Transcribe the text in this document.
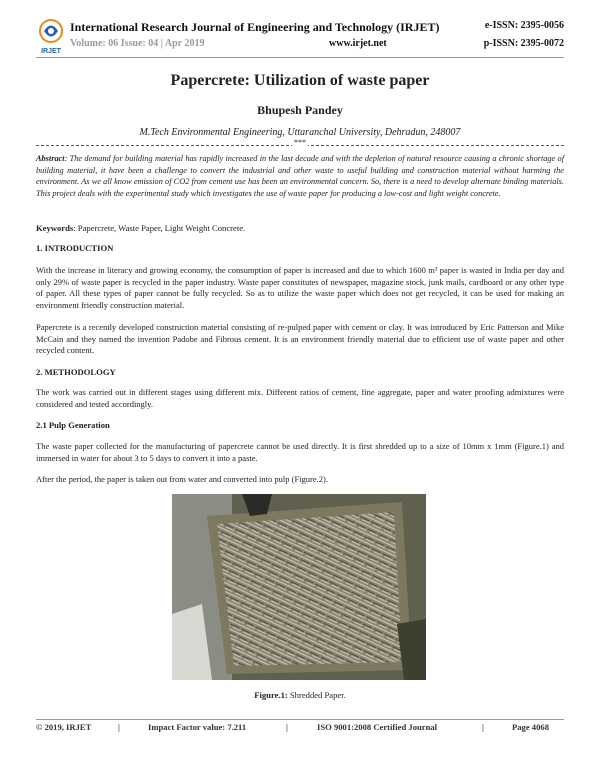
IRJET
International Research Journal of Engineering and Technology (IRJET)
Volume: 06 Issue: 04 | Apr 2019	www.irjet.net
e-ISSN: 2395-0056
p-ISSN: 2395-0072
Papercrete: Utilization of waste paper
Bhupesh Pandey
M.Tech Environmental Engineering, Uttaranchal University, Dehradun, 248007
***
Abstract: The demand for building material has rapidly increased in the last decade and with the depletion of natural resource causing a chronic shortage of building material, it have been a challenge to convert the industrial and other waste to useful building and construction material without harming the environment. As we all know emission of CO2 from cement use has been an environmental concern. So, there is a need to develop alternate binding materials. This project deals with the experimental study which investigates the use of waste paper for producing a low-cost and light weight concrete.
Keywords: Papercrete, Waste Paper, Light Weight Concrete.
1. INTRODUCTION
With the increase in literacy and growing economy, the consumption of paper is increased and due to which 1600 m³ paper is wasted in India per day and only 29% of waste paper is recycled in the paper industry. Waste paper constitutes of newspaper, magazine stock, junk mails, cardboard or any other type of paper. All these types of paper cannot be fully recycled. So as to utilize the waste paper which does not get recycled, it can be used for making an environment friendly construction material.
Papercrete is a recently developed construction material consisting of re-pulped paper with cement or clay. It was introduced by Eric Patterson and Mike McCain and they named the invention Padobe and Fibrous cement. It is an environment friendly material due to efficient use of waste paper and other recycled content.
2. METHODOLOGY
The work was carried out in different stages using different mix. Different ratios of cement, fine aggregate, paper and water proofing admixtures were considered and tested accordingly.
2.1 Pulp Generation
The waste paper collected for the manufacturing of papercrete cannot be used directly. It is first shredded up to a size of 10mm x 1mm (Figure.1) and immersed in water for about 3 to 5 days to convert it into a paste.
After the period, the paper is taken out from water and converted into pulp (Figure.2).
Figure.1: Shredded Paper.
© 2019, IRJET	|	Impact Factor value: 7.211	|	ISO 9001:2008 Certified Journal	|	Page 4068
